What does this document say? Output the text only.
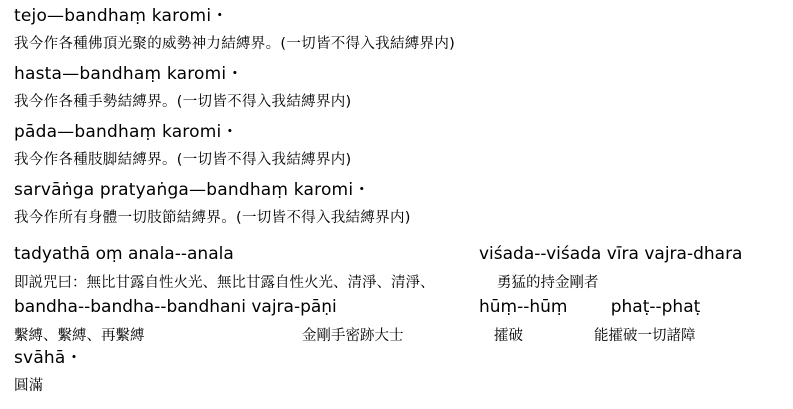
tejo—bandhaṃ karomi・
我今作各種佛頂光聚的威勢神力結縛界。(一切皆不得入我結縛界内)
hasta—bandhaṃ karomi・
我今作各種手勢結縛界。(一切皆不得入我結縛界内)
pāda—bandhaṃ karomi・
我今作各種肢脚結縛界。(一切皆不得入我結縛界内)
sarvāṅga pratyaṅga—bandhaṃ karomi・
我今作所有身體一切肢節結縛界。(一切皆不得入我結縛界内)
tadyathā oṃ anala--anala	viśada--viśada vīra vajra-dhara
即説咒曰：無比甘露自性火光、無比甘露自性火光、清淨、清淨、	勇猛的持金剛者
bandha--bandha--bandhani vajra-pāṇi	hūṃ--hūṃ        phaṭ--phaṭ
繫縛、繫縛、再繫縛	金剛手密跡大士	攉破	能攉破一切諸障
svāhā・
圓滿
